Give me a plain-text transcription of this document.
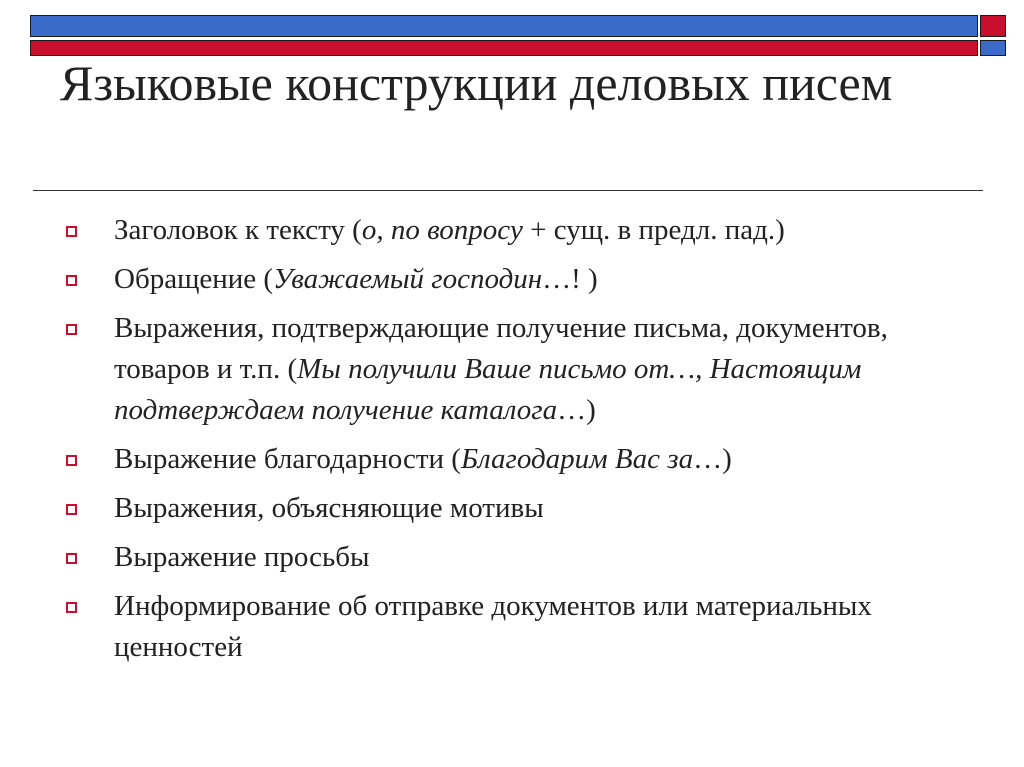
Языковые конструкции деловых писем
Заголовок к тексту (о, по вопросу + сущ. в предл. пад.)
Обращение (Уважаемый господин…! )
Выражения, подтверждающие получение письма, документов, товаров и т.п. (Мы получили Ваше письмо от…, Настоящим подтверждаем получение каталога…)
Выражение благодарности (Благодарим Вас за…)
Выражения, объясняющие мотивы
Выражение просьбы
Информирование об отправке документов или материальных ценностей
